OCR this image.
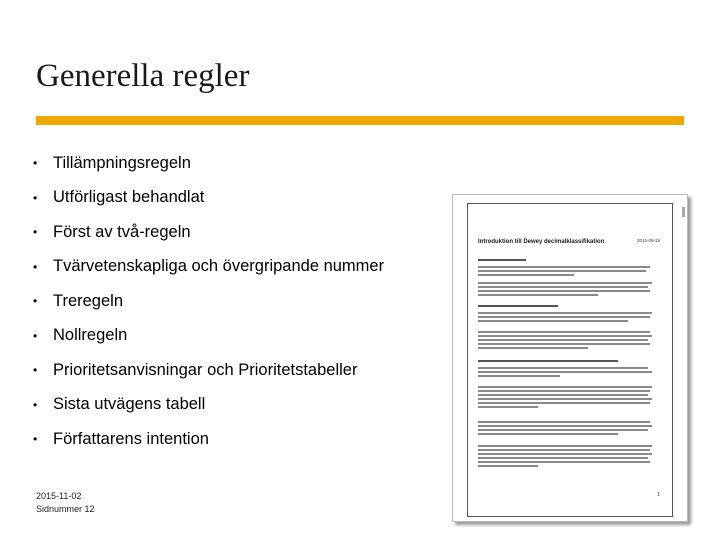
Generella regler
• Tillämpningsregeln
• Utförligast behandlat
• Först av två-regeln
• Tvärvetenskapliga och övergripande nummer
• Treregeln
• Nollregeln
• Prioritetsanvisningar och Prioritetstabeller
• Sista utvägens tabell
• Författarens intention
2015-11-02
Sidnummer 12
Introduktion till Dewey decimalklassifikation	2012-09-19
1
